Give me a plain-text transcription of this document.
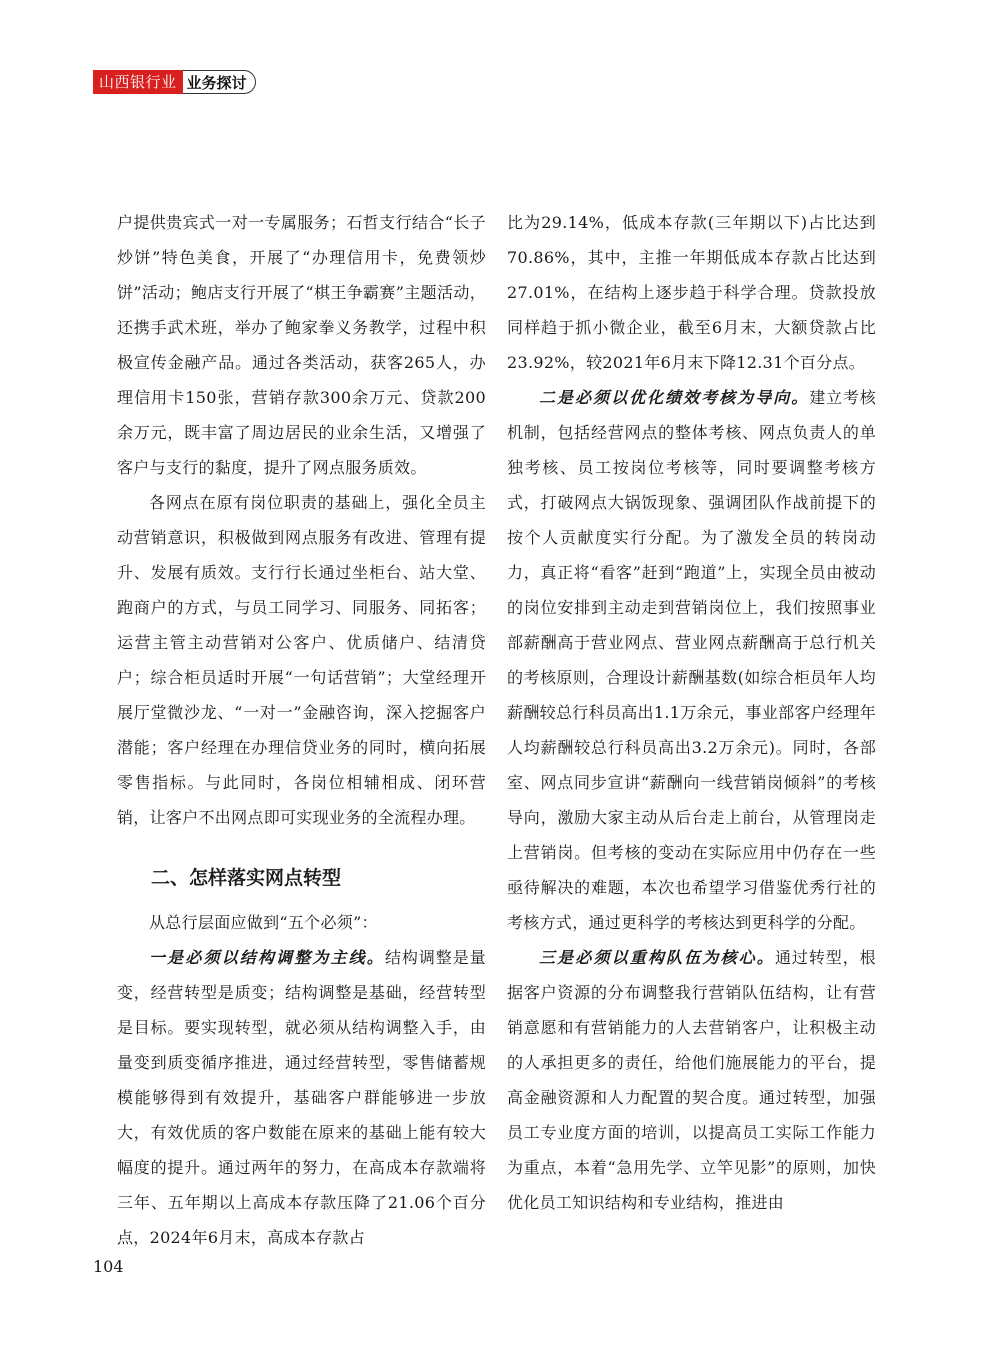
山西银行业 业务探讨

户提供贵宾式一对一专属服务；石哲支行结合“长子炒饼”特色美食，开展了“办理信用卡，免费领炒饼”活动；鲍店支行开展了“棋王争霸赛”主题活动，还携手武术班，举办了鲍家拳义务教学，过程中积极宣传金融产品。通过各类活动，获客265人，办理信用卡150张，营销存款300余万元、贷款200余万元，既丰富了周边居民的业余生活，又增强了客户与支行的黏度，提升了网点服务质效。

各网点在原有岗位职责的基础上，强化全员主动营销意识，积极做到网点服务有改进、管理有提升、发展有质效。支行行长通过坐柜台、站大堂、跑商户的方式，与员工同学习、同服务、同拓客；运营主管主动营销对公客户、优质储户、结清贷户；综合柜员适时开展“一句话营销”；大堂经理开展厅堂微沙龙、“一对一”金融咨询，深入挖掘客户潜能；客户经理在办理信贷业务的同时，横向拓展零售指标。与此同时，各岗位相辅相成、闭环营销，让客户不出网点即可实现业务的全流程办理。

二、怎样落实网点转型

从总行层面应做到“五个必须”：

一是必须以结构调整为主线。结构调整是量变，经营转型是质变；结构调整是基础，经营转型是目标。要实现转型，就必须从结构调整入手，由量变到质变循序推进，通过经营转型，零售储蓄规模能够得到有效提升，基础客户群能够进一步放大，有效优质的客户数能在原来的基础上能有较大幅度的提升。通过两年的努力，在高成本存款端将三年、五年期以上高成本存款压降了21.06个百分点，2024年6月末，高成本存款占

比为29.14%，低成本存款(三年期以下)占比达到70.86%，其中，主推一年期低成本存款占比达到27.01%，在结构上逐步趋于科学合理。贷款投放同样趋于抓小微企业，截至6月末，大额贷款占比23.92%，较2021年6月末下降12.31个百分点。

二是必须以优化绩效考核为导向。建立考核机制，包括经营网点的整体考核、网点负责人的单独考核、员工按岗位考核等，同时要调整考核方式，打破网点大锅饭现象、强调团队作战前提下的按个人贡献度实行分配。为了激发全员的转岗动力，真正将“看客”赶到“跑道”上，实现全员由被动的岗位安排到主动走到营销岗位上，我们按照事业部薪酬高于营业网点、营业网点薪酬高于总行机关的考核原则，合理设计薪酬基数(如综合柜员年人均薪酬较总行科员高出1.1万余元，事业部客户经理年人均薪酬较总行科员高出3.2万余元)。同时，各部室、网点同步宣讲“薪酬向一线营销岗倾斜”的考核导向，激励大家主动从后台走上前台，从管理岗走上营销岗。但考核的变动在实际应用中仍存在一些亟待解决的难题，本次也希望学习借鉴优秀行社的考核方式，通过更科学的考核达到更科学的分配。

三是必须以重构队伍为核心。通过转型，根据客户资源的分布调整我行营销队伍结构，让有营销意愿和有营销能力的人去营销客户，让积极主动的人承担更多的责任，给他们施展能力的平台，提高金融资源和人力配置的契合度。通过转型，加强员工专业度方面的培训，以提高员工实际工作能力为重点，本着“急用先学、立竿见影”的原则，加快优化员工知识结构和专业结构，推进由

104
